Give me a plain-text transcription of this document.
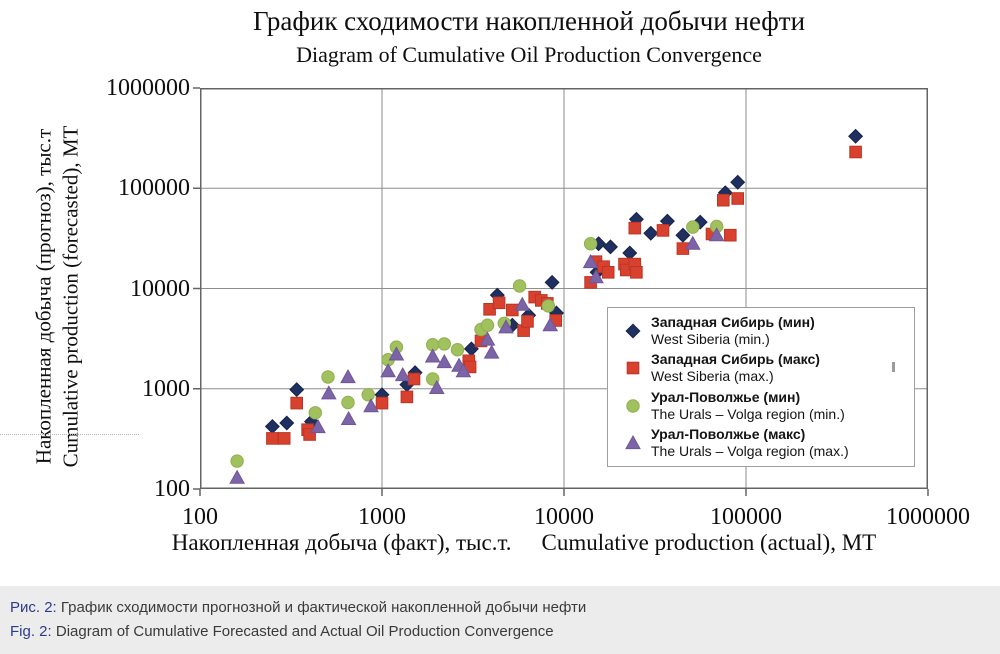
График сходимости накопленной добычи нефти
Diagram of Cumulative Oil Production Convergence
Накопленная добыча (прогноз), тыс.т Cumulative production (forecasted), МТ
100
1000
10000
100000
1000000
100	1000	10000	100000	1000000
Накопленная добыча (факт), тыс.т. Cumulative production (actual), МТ
Западная Сибирь (мин)
West Siberia (min.)
Западная Сибирь (макс)
West Siberia (max.)
Урал-Поволжье (мин)
The Urals – Volga region (min.)
Урал-Поволжье (макс)
The Urals – Volga region (max.)
Рис. 2: График сходимости прогнозной и фактической накопленной добычи нефти
Fig. 2: Diagram of Cumulative Forecasted and Actual Oil Production Convergence
